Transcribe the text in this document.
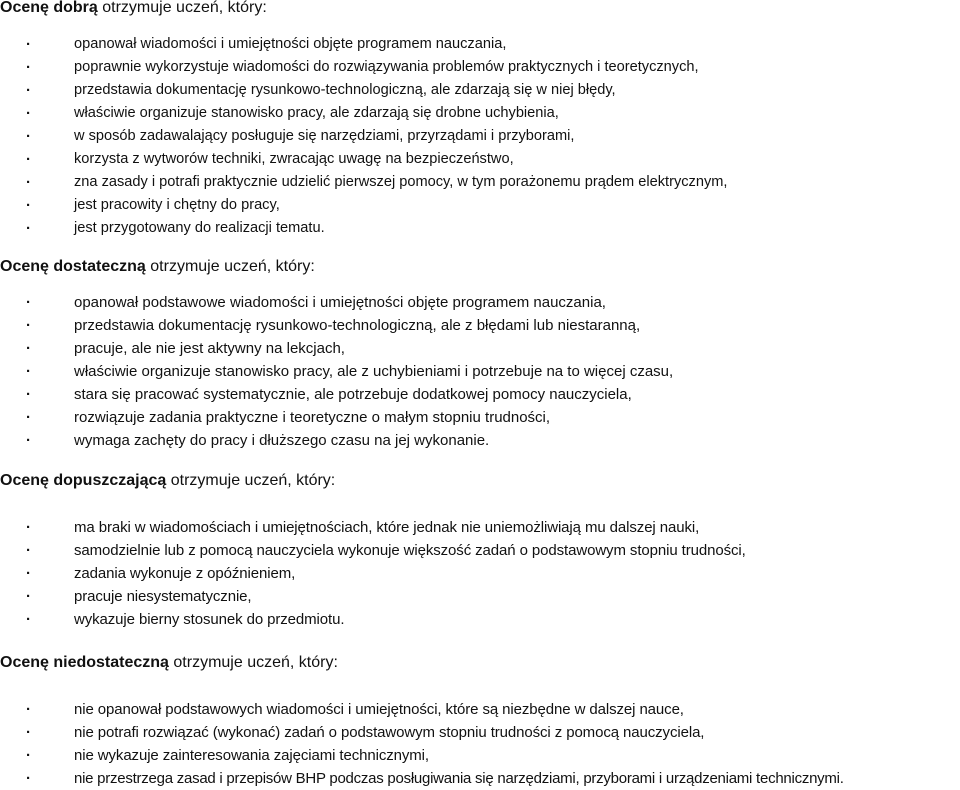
Ocenę dobrą otrzymuje uczeń, który:
·	opanował wiadomości i umiejętności objęte programem nauczania,
·	poprawnie wykorzystuje wiadomości do rozwiązywania problemów praktycznych i teoretycznych,
·	przedstawia dokumentację rysunkowo-technologiczną, ale zdarzają się w niej błędy,
·	właściwie organizuje stanowisko pracy, ale zdarzają się drobne uchybienia,
·	w sposób zadawalający posługuje się narzędziami, przyrządami i przyborami,
·	korzysta z wytworów techniki, zwracając uwagę na bezpieczeństwo,
·	zna zasady i potrafi praktycznie udzielić pierwszej pomocy, w tym porażonemu prądem elektrycznym,
·	jest pracowity i chętny do pracy,
·	jest przygotowany do realizacji tematu.
Ocenę dostateczną otrzymuje uczeń, który:
·	opanował podstawowe wiadomości i umiejętności objęte programem nauczania,
·	przedstawia dokumentację rysunkowo-technologiczną, ale z błędami lub niestaranną,
·	pracuje, ale nie jest aktywny na lekcjach,
·	właściwie organizuje stanowisko pracy, ale z uchybieniami i potrzebuje na to więcej czasu,
·	stara się pracować systematycznie, ale potrzebuje dodatkowej pomocy nauczyciela,
·	rozwiązuje zadania praktyczne i teoretyczne o małym stopniu trudności,
·	wymaga zachęty do pracy i dłuższego czasu na jej wykonanie.
Ocenę dopuszczającą otrzymuje uczeń, który:
·	ma braki w wiadomościach i umiejętnościach, które jednak nie uniemożliwiają mu dalszej nauki,
·	samodzielnie lub z pomocą nauczyciela wykonuje większość zadań o podstawowym stopniu trudności,
·	zadania wykonuje z opóźnieniem,
·	pracuje niesystematycznie,
·	wykazuje bierny stosunek do przedmiotu.
Ocenę niedostateczną otrzymuje uczeń, który:
·	nie opanował podstawowych wiadomości i umiejętności, które są niezbędne w dalszej nauce,
·	nie potrafi rozwiązać (wykonać) zadań o podstawowym stopniu trudności z pomocą nauczyciela,
·	nie wykazuje zainteresowania zajęciami technicznymi,
·	nie przestrzega zasad i przepisów BHP podczas posługiwania się narzędziami, przyborami i urządzeniami technicznymi.
